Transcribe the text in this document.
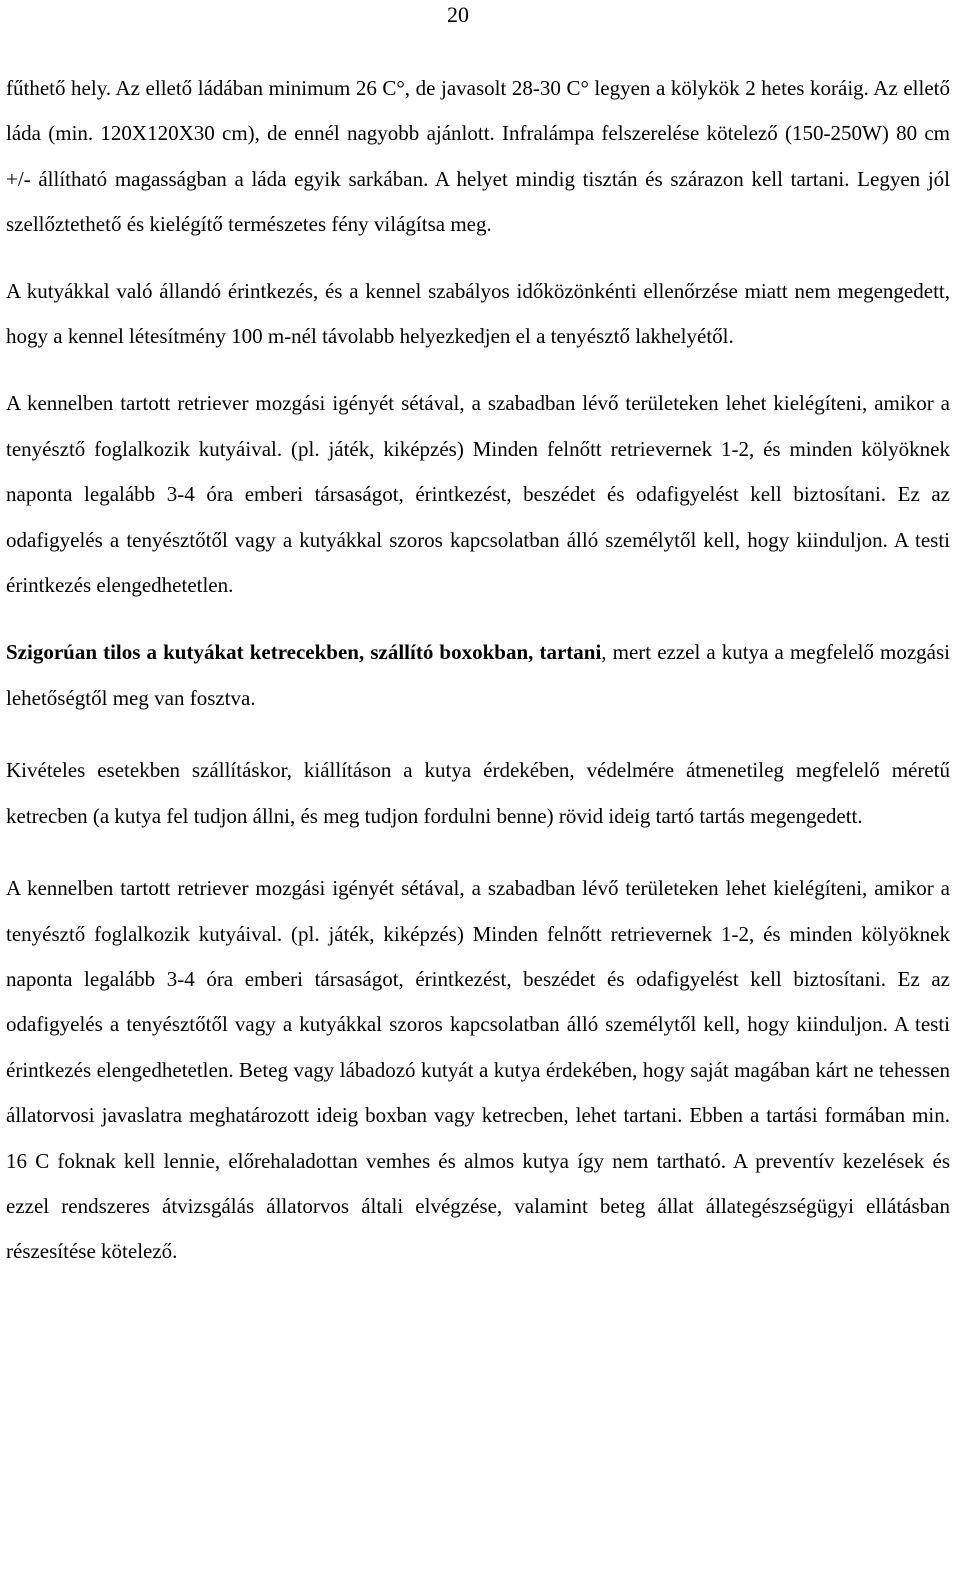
20

fűthető hely. Az ellető ládában minimum 26 C°, de javasolt 28-30 C° legyen a kölykök 2 hetes koráig. Az ellető láda (min. 120X120X30 cm), de ennél nagyobb ajánlott. Infralámpa felszerelése kötelező (150-250W) 80 cm +/- állítható magasságban a láda egyik sarkában. A helyet mindig tisztán és szárazon kell tartani. Legyen jól szellőztethető és kielégítő természetes fény világítsa meg.

A kutyákkal való állandó érintkezés, és a kennel szabályos időközönkénti ellenőrzése miatt nem megengedett, hogy a kennel létesítmény 100 m-nél távolabb helyezkedjen el a tenyésztő lakhelyétől.

A kennelben tartott retriever mozgási igényét sétával, a szabadban lévő területeken lehet kielégíteni, amikor a tenyésztő foglalkozik kutyáival. (pl. játék, kiképzés) Minden felnőtt retrievernek 1-2, és minden kölyöknek naponta legalább 3-4 óra emberi társaságot, érintkezést, beszédet és odafigyelést kell biztosítani. Ez az odafigyelés a tenyésztőtől vagy a kutyákkal szoros kapcsolatban álló személytől kell, hogy kiinduljon. A testi érintkezés elengedhetetlen.

Szigorúan tilos a kutyákat ketrecekben, szállító boxokban, tartani, mert ezzel a kutya a megfelelő mozgási lehetőségtől meg van fosztva.

Kivételes esetekben szállításkor, kiállításon a kutya érdekében, védelmére átmenetileg megfelelő méretű ketrecben (a kutya fel tudjon állni, és meg tudjon fordulni benne) rövid ideig tartó tartás megengedett.

A kennelben tartott retriever mozgási igényét sétával, a szabadban lévő területeken lehet kielégíteni, amikor a tenyésztő foglalkozik kutyáival. (pl. játék, kiképzés) Minden felnőtt retrievernek 1-2, és minden kölyöknek naponta legalább 3-4 óra emberi társaságot, érintkezést, beszédet és odafigyelést kell biztosítani. Ez az odafigyelés a tenyésztőtől vagy a kutyákkal szoros kapcsolatban álló személytől kell, hogy kiinduljon. A testi érintkezés elengedhetetlen. Beteg vagy lábadozó kutyát a kutya érdekében, hogy saját magában kárt ne tehessen állatorvosi javaslatra meghatározott ideig boxban vagy ketrecben, lehet tartani. Ebben a tartási formában min. 16 C foknak kell lennie, előrehaladottan vemhes és almos kutya így nem tartható. A preventív kezelések és ezzel rendszeres átvizsgálás állatorvos általi elvégzése, valamint beteg állat állategészségügyi ellátásban részesítése kötelező.
